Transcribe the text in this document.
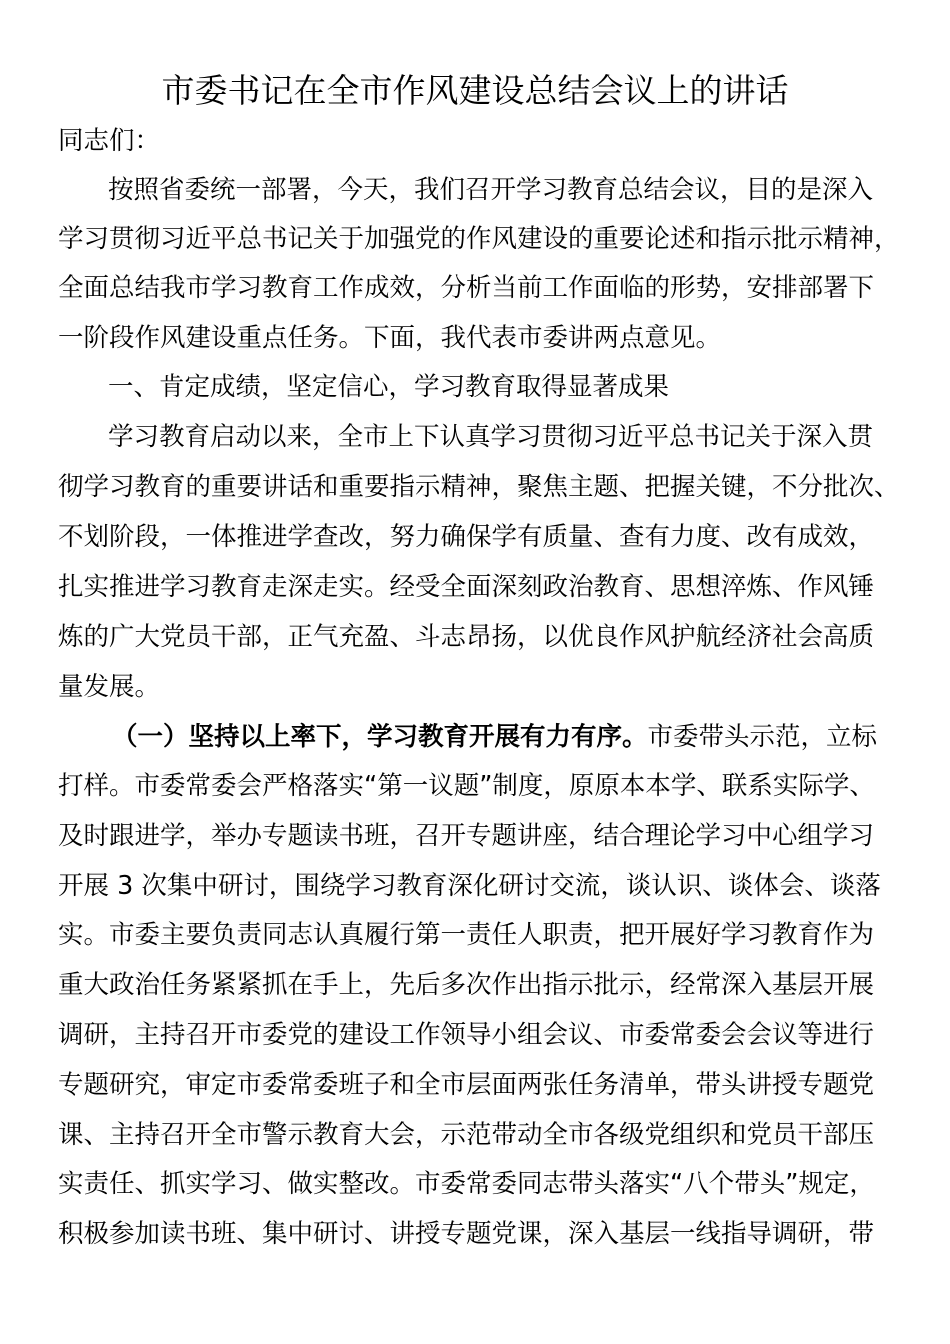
市委书记在全市作风建设总结会议上的讲话
同志们：
按照省委统一部署，今天，我们召开学习教育总结会议，目的是深入
学习贯彻习近平总书记关于加强党的作风建设的重要论述和指示批示精神，
全面总结我市学习教育工作成效，分析当前工作面临的形势，安排部署下
一阶段作风建设重点任务。下面，我代表市委讲两点意见。
一、肯定成绩，坚定信心，学习教育取得显著成果
学习教育启动以来，全市上下认真学习贯彻习近平总书记关于深入贯
彻学习教育的重要讲话和重要指示精神，聚焦主题、把握关键，不分批次、
不划阶段，一体推进学查改，努力确保学有质量、查有力度、改有成效，
扎实推进学习教育走深走实。经受全面深刻政治教育、思想淬炼、作风锤
炼的广大党员干部，正气充盈、斗志昂扬，以优良作风护航经济社会高质
量发展。
（一）坚持以上率下，学习教育开展有力有序。市委带头示范，立标
打样。市委常委会严格落实“第一议题”制度，原原本本学、联系实际学、
及时跟进学，举办专题读书班，召开专题讲座，结合理论学习中心组学习
开展 3 次集中研讨，围绕学习教育深化研讨交流，谈认识、谈体会、谈落
实。市委主要负责同志认真履行第一责任人职责，把开展好学习教育作为
重大政治任务紧紧抓在手上，先后多次作出指示批示，经常深入基层开展
调研，主持召开市委党的建设工作领导小组会议、市委常委会会议等进行
专题研究，审定市委常委班子和全市层面两张任务清单，带头讲授专题党
课、主持召开全市警示教育大会，示范带动全市各级党组织和党员干部压
实责任、抓实学习、做实整改。市委常委同志带头落实“八个带头”规定，
积极参加读书班、集中研讨、讲授专题党课，深入基层一线指导调研，带
